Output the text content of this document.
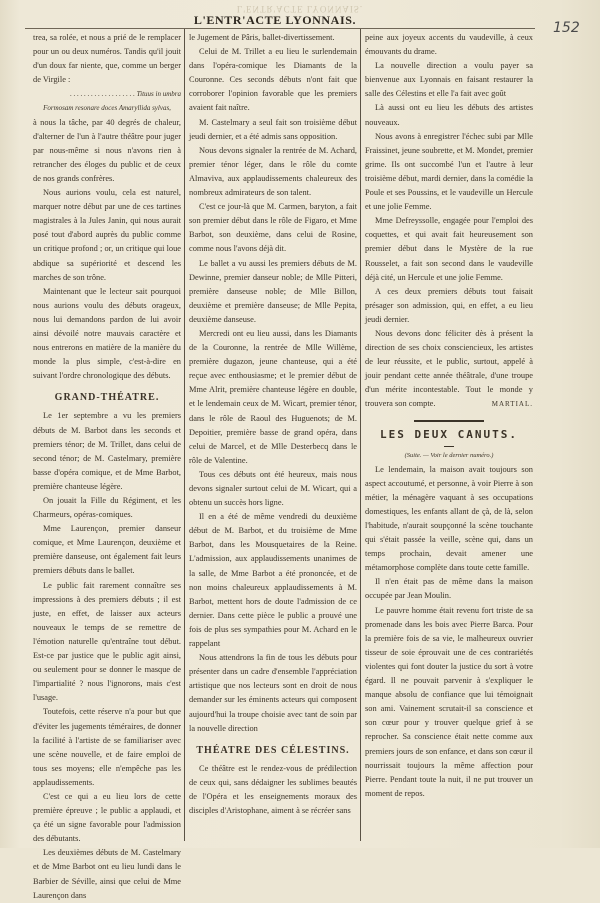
L'ENTR'ACTE LYONNAIS.
152
L'ENTR'ACTE LYONNAIS.

trea, sa rolée, et nous a prié de le remplacer pour un ou deux numéros. Tandis qu'il jouit d'un doux far niente, que, comme un berger de Virgile :

. . . . . . . . . . . . . . . . . . . Tituus in umbra
Formosam resonare doces Amaryllida sylvas,

à nous la tâche, par 40 degrés de chaleur, d'alterner de l'un à l'autre théâtre pour juger par nous-même si nous n'avons rien à retrancher des éloges du public et de ceux de nos grands confrères.

Nous aurions voulu, cela est naturel, marquer notre début par une de ces tartines magistrales à la Jules Janin, qui nous aurait posé tout d'abord auprès du public comme un critique profond ; or, un critique qui loue abdique sa supériorité et descend les marches de son trône.

Maintenant que le lecteur sait pourquoi nous aurions voulu des débuts orageux, nous lui demandons pardon de lui avoir ainsi dévoilé notre mauvais caractère et nous entrerons en matière de la manière du monde la plus simple, c'est-à-dire en suivant l'ordre chronologique des débuts.

GRAND-THÉATRE.

Le 1er septembre a vu les premiers débuts de M. Barbot dans les seconds et premiers ténor; de M. Trillet, dans celui de second ténor; de M. Castelmary, première basse d'opéra comique, et de Mme Barbot, première chanteuse légère.

On jouait la Fille du Régiment, et les Charmeurs, opéras-comiques.

Mme Laurençon, premier danseur comique, et Mme Laurençon, deuxième et première danseuse, ont également fait leurs premiers débuts dans le ballet.

Le public fait rarement connaître ses impressions à des premiers débuts ; il est juste, en effet, de laisser aux acteurs nouveaux le temps de se remettre de l'émotion naturelle qu'entraîne tout début. Est-ce par justice que le public agit ainsi, ou seulement pour se donner le masque de l'impartialité ? nous l'ignorons, mais c'est l'usage.

Toutefois, cette réserve n'a pour but que d'éviter les jugements téméraires, de donner la facilité à l'artiste de se familiariser avec une scène nouvelle, et de faire emploi de tous ses moyens; elle n'empêche pas les applaudissements.

C'est ce qui a eu lieu lors de cette première épreuve ; le public a applaudi, et ça été un signe favorable pour l'admission des débutants.

Les deuxièmes débuts de M. Castelmary et de Mme Barbot ont eu lieu lundi dans le Barbier de Séville, ainsi que celui de Mme Laurençon dans

le Jugement de Pâris, ballet-divertissement.

Celui de M. Trillet a eu lieu le surlendemain dans l'opéra-comique les Diamants de la Couronne. Ces seconds débuts n'ont fait que corroborer l'opinion favorable que les premiers avaient fait naître.

M. Castelmary a seul fait son troisième début jeudi dernier, et a été admis sans opposition.

Nous devons signaler la rentrée de M. Achard, premier ténor léger, dans le rôle du comte Almaviva, aux applaudissements chaleureux des nombreux admirateurs de son talent.

C'est ce jour-là que M. Carmen, baryton, a fait son premier début dans le rôle de Figaro, et Mme Barbot, son deuxième, dans celui de Rosine, comme nous l'avons déjà dit.

Le ballet a vu aussi les premiers débuts de M. Dewinne, premier danseur noble; de Mlle Pitteri, première danseuse noble; de Mlle Billon, deuxième et première danseuse; de Mlle Pepita, deuxième danseuse.

Mercredi ont eu lieu aussi, dans les Diamants de la Couronne, la rentrée de Mlle Willème, première dugazon, jeune chanteuse, qui a été reçue avec enthousiasme; et le premier début de Mme Alrit, première chanteuse légère en double, et le lendemain ceux de M. Wicart, premier ténor, dans le rôle de Raoul des Huguenots; de M. Depoitier, première basse de grand opéra, dans celui de Marcel, et de Mlle Desterbecq dans le rôle de Valentine.

Tous ces débuts ont été heureux, mais nous devons signaler surtout celui de M. Wicart, qui a obtenu un succès hors ligne.

Il en a été de même vendredi du deuxième début de M. Barbot, et du troisième de Mme Barbot, dans les Mousquetaires de la Reine. L'admission, aux applaudissements unanimes de la salle, de Mme Barbot a été prononcée, et de non moins chaleureux applaudissements à M. Barbot, mettent hors de doute l'admission de ce dernier. Dans cette pièce le public a prouvé une fois de plus ses sympathies pour M. Achard en le rappelant

Nous attendrons la fin de tous les débuts pour présenter dans un cadre d'ensemble l'appréciation artistique que nos lecteurs sont en droit de nous demander sur les éminents acteurs qui composent aujourd'hui la troupe choisie avec tant de soin par la nouvelle direction

THÉATRE DES CÉLESTINS.

Ce théâtre est le rendez-vous de prédilection de ceux qui, sans dédaigner les sublimes beautés de l'Opéra et les enseignements moraux des disciples d'Aristophane, aiment à se récréer sans

peine aux joyeux accents du vaudeville, à ceux émouvants du drame.

La nouvelle direction a voulu payer sa bienvenue aux Lyonnais en faisant restaurer la salle des Célestins et elle l'a fait avec goût

Là aussi ont eu lieu les débuts des artistes nouveaux.

Nous avons à enregistrer l'échec subi par Mlle Fraissinet, jeune soubrette, et M. Mondet, premier grime. Ils ont succombé l'un et l'autre à leur troisième début, mardi dernier, dans la comédie la Poule et ses Poussins, et le vaudeville un Hercule et une jolie Femme.

Mme Defreyssolle, engagée pour l'emploi des coquettes, et qui avait fait heureusement son premier début dans le Mystère de la rue Rousselet, a fait son second dans le vaudeville déjà cité, un Hercule et une jolie Femme.

A ces deux premiers débuts tout faisait présager son admission, qui, en effet, a eu lieu jeudi dernier.

Nous devons donc féliciter dès à présent la direction de ses choix consciencieux, les artistes de leur réussite, et le public, surtout, appelé à jouir pendant cette année théâtrale, d'une troupe d'un mérite incontestable. Tout le monde y trouvera son compte.	MARTIAL.

LES DEUX CANUTS.
(Suite. — Voir le dernier numéro.)

Le lendemain, la maison avait toujours son aspect accoutumé, et personne, à voir Pierre à son métier, la ménagère vaquant à ses occupations domestiques, les enfants allant de çà, de là, selon l'habitude, n'aurait soupçonné la scène touchante qui s'était passée la veille, scène qui, dans un temps prochain, devait amener une métamorphose complète dans toute cette famille.

Il n'en était pas de même dans la maison occupée par Jean Moulin.

Le pauvre homme était revenu fort triste de sa promenade dans les bois avec Pierre Barca. Pour la première fois de sa vie, le malheureux ouvrier tisseur de soie éprouvait une de ces contrariétés violentes qui font douter la justice du sort à votre égard. Il ne pouvait parvenir à s'expliquer le manque absolu de confiance que lui témoignait son ami. Vainement scrutait-il sa conscience et son cœur pour y trouver quelque grief à se reprocher. Sa conscience était nette comme aux premiers jours de son enfance, et dans son cœur il nourrissait toujours la même affection pour Pierre. Pendant toute la nuit, il ne put trouver un moment de repos.
